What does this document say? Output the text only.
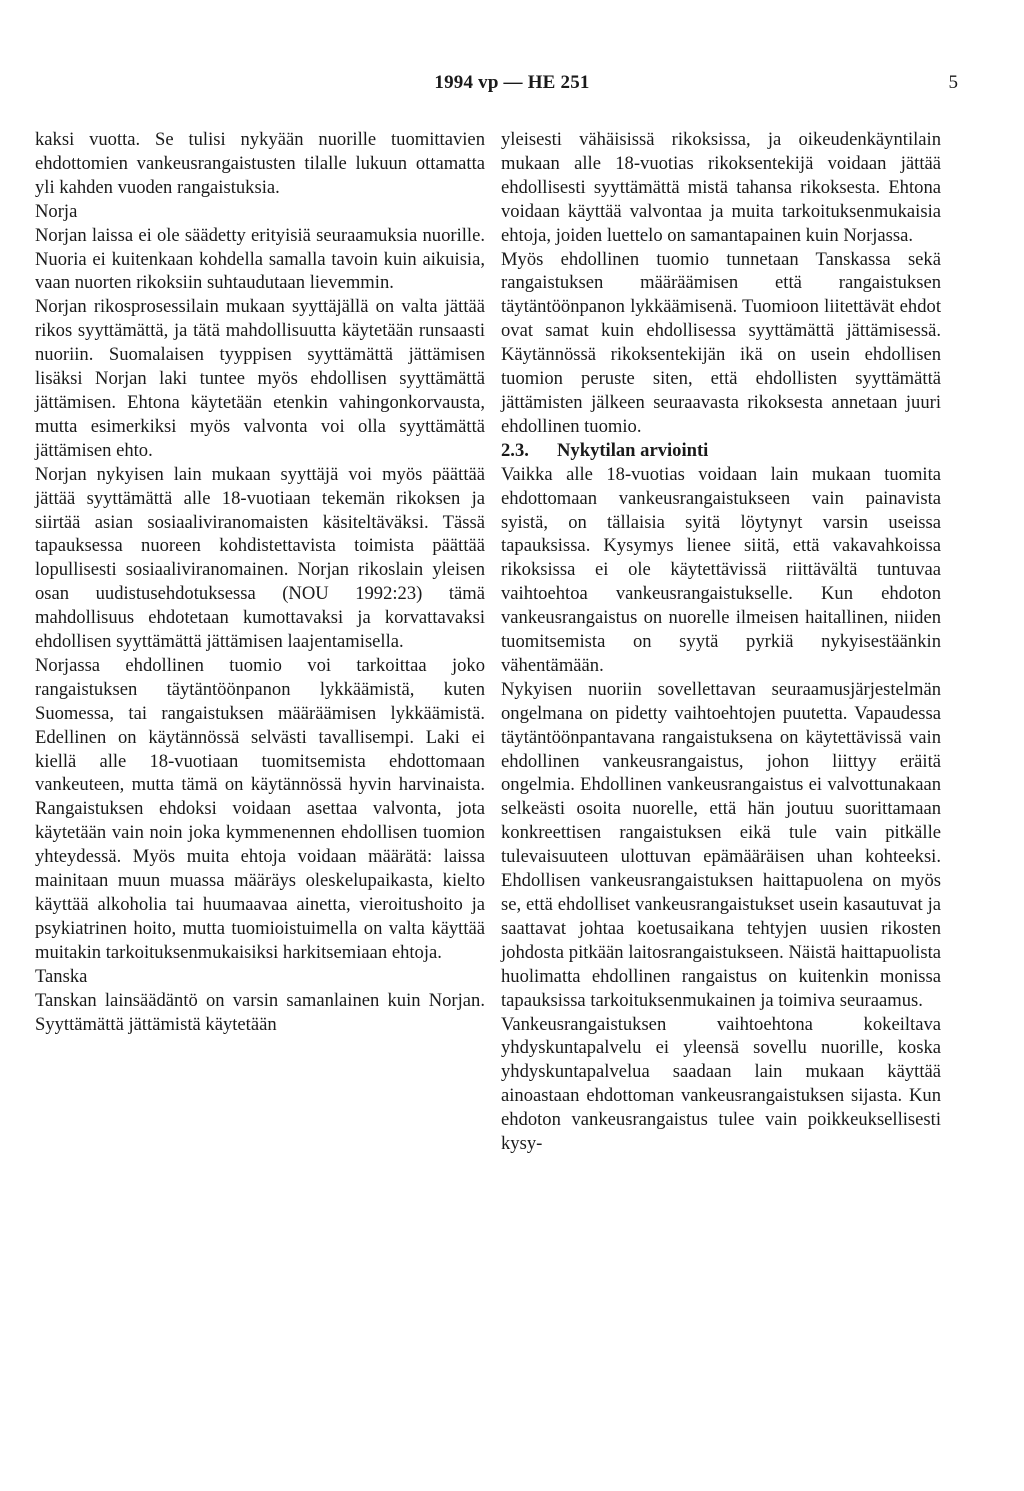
1994 vp — HE 251	5

kaksi vuotta. Se tulisi nykyään nuorille tuomittavien ehdottomien vankeusrangaistusten tilalle lukuun ottamatta yli kahden vuoden rangaistuksia.

Norja

Norjan laissa ei ole säädetty erityisiä seuraamuksia nuorille. Nuoria ei kuitenkaan kohdella samalla tavoin kuin aikuisia, vaan nuorten rikoksiin suhtaudutaan lievemmin.

Norjan rikosprosessilain mukaan syyttäjällä on valta jättää rikos syyttämättä, ja tätä mahdollisuutta käytetään runsaasti nuoriin. Suomalaisen tyyppisen syyttämättä jättämisen lisäksi Norjan laki tuntee myös ehdollisen syyttämättä jättämisen. Ehtona käytetään etenkin vahingonkorvausta, mutta esimerkiksi myös valvonta voi olla syyttämättä jättämisen ehto.

Norjan nykyisen lain mukaan syyttäjä voi myös päättää jättää syyttämättä alle 18-vuotiaan tekemän rikoksen ja siirtää asian sosiaaliviranomaisten käsiteltäväksi. Tässä tapauksessa nuoreen kohdistettavista toimista päättää lopullisesti sosiaaliviranomainen. Norjan rikoslain yleisen osan uudistusehdotuksessa (NOU 1992:23) tämä mahdollisuus ehdotetaan kumottavaksi ja korvattavaksi ehdollisen syyttämättä jättämisen laajentamisella.

Norjassa ehdollinen tuomio voi tarkoittaa joko rangaistuksen täytäntöönpanon lykkäämistä, kuten Suomessa, tai rangaistuksen määräämisen lykkäämistä. Edellinen on käytännössä selvästi tavallisempi. Laki ei kiellä alle 18-vuotiaan tuomitsemista ehdottomaan vankeuteen, mutta tämä on käytännössä hyvin harvinaista. Rangaistuksen ehdoksi voidaan asettaa valvonta, jota käytetään vain noin joka kymmenennen ehdollisen tuomion yhteydessä. Myös muita ehtoja voidaan määrätä: laissa mainitaan muun muassa määräys oleskelupaikasta, kielto käyttää alkoholia tai huumaavaa ainetta, vieroitushoito ja psykiatrinen hoito, mutta tuomioistuimella on valta käyttää muitakin tarkoituksenmukaisiksi harkitsemiaan ehtoja.

Tanska

Tanskan lainsäädäntö on varsin samanlainen kuin Norjan. Syyttämättä jättämistä käytetään

yleisesti vähäisissä rikoksissa, ja oikeudenkäyntilain mukaan alle 18-vuotias rikoksentekijä voidaan jättää ehdollisesti syyttämättä mistä tahansa rikoksesta. Ehtona voidaan käyttää valvontaa ja muita tarkoituksenmukaisia ehtoja, joiden luettelo on samantapainen kuin Norjassa.

Myös ehdollinen tuomio tunnetaan Tanskassa sekä rangaistuksen määräämisen että rangaistuksen täytäntöönpanon lykkäämisenä. Tuomioon liitettävät ehdot ovat samat kuin ehdollisessa syyttämättä jättämisessä. Käytännössä rikoksentekijän ikä on usein ehdollisen tuomion peruste siten, että ehdollisten syyttämättä jättämisten jälkeen seuraavasta rikoksesta annetaan juuri ehdollinen tuomio.

2.3. Nykytilan arviointi

Vaikka alle 18-vuotias voidaan lain mukaan tuomita ehdottomaan vankeusrangaistukseen vain painavista syistä, on tällaisia syitä löytynyt varsin useissa tapauksissa. Kysymys lienee siitä, että vakavahkoissa rikoksissa ei ole käytettävissä riittävältä tuntuvaa vaihtoehtoa vankeusrangaistukselle. Kun ehdoton vankeusrangaistus on nuorelle ilmeisen haitallinen, niiden tuomitsemista on syytä pyrkiä nykyisestäänkin vähentämään.

Nykyisen nuoriin sovellettavan seuraamusjärjestelmän ongelmana on pidetty vaihtoehtojen puutetta. Vapaudessa täytäntöönpantavana rangaistuksena on käytettävissä vain ehdollinen vankeusrangaistus, johon liittyy eräitä ongelmia. Ehdollinen vankeusrangaistus ei valvottunakaan selkeästi osoita nuorelle, että hän joutuu suorittamaan konkreettisen rangaistuksen eikä tule vain pitkälle tulevaisuuteen ulottuvan epämääräisen uhan kohteeksi. Ehdollisen vankeusrangaistuksen haittapuolena on myös se, että ehdolliset vankeusrangaistukset usein kasautuvat ja saattavat johtaa koetusaikana tehtyjen uusien rikosten johdosta pitkään laitosrangaistukseen. Näistä haittapuolista huolimatta ehdollinen rangaistus on kuitenkin monissa tapauksissa tarkoituksenmukainen ja toimiva seuraamus.

Vankeusrangaistuksen vaihtoehtona kokeiltava yhdyskuntapalvelu ei yleensä sovellu nuorille, koska yhdyskuntapalvelua saadaan lain mukaan käyttää ainoastaan ehdottoman vankeusrangaistuksen sijasta. Kun ehdoton vankeusrangaistus tulee vain poikkeuksellisesti kysy-
